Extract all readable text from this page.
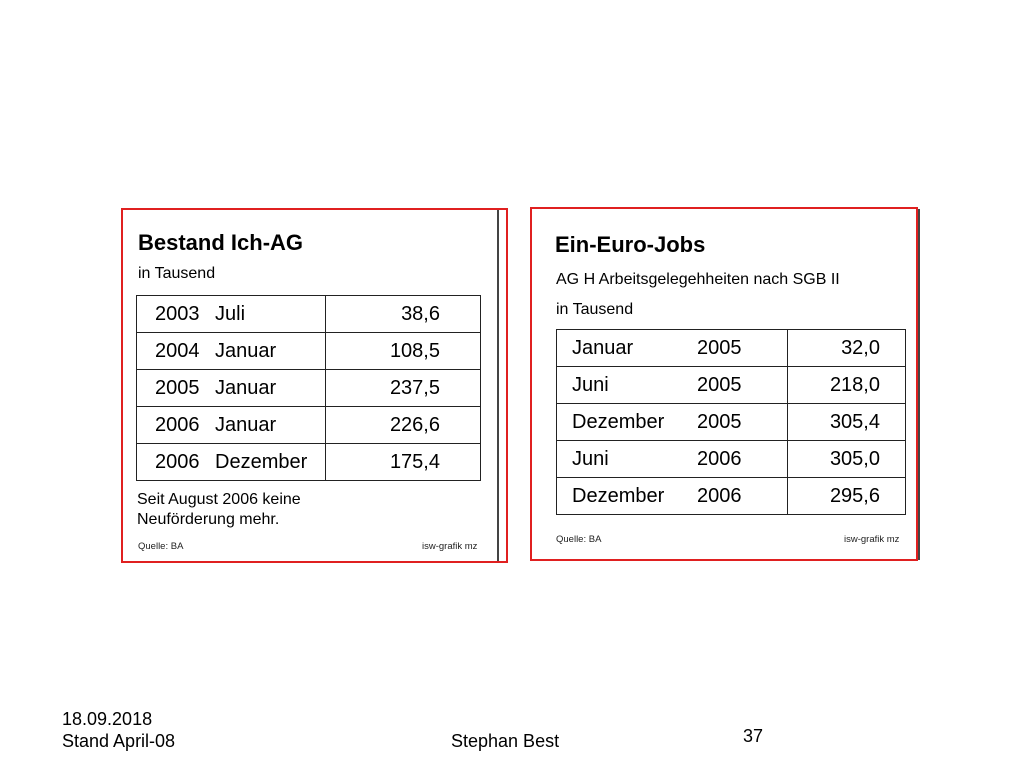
Bestand Ich-AG
in Tausend
2003	Juli	38,6
2004	Januar	108,5
2005	Januar	237,5
2006	Januar	226,6
2006	Dezember	175,4
Seit August 2006 keine
Neuförderung mehr.
Quelle: BA	isw-grafik mz
Ein-Euro-Jobs
AG H Arbeitsgelegehheiten nach SGB II
in Tausend
Januar	2005	32,0
Juni	2005	218,0
Dezember	2005	305,4
Juni	2006	305,0
Dezember	2006	295,6
Quelle: BA	isw-grafik mz
18.09.2018
Stand April-08	Stephan Best	37
